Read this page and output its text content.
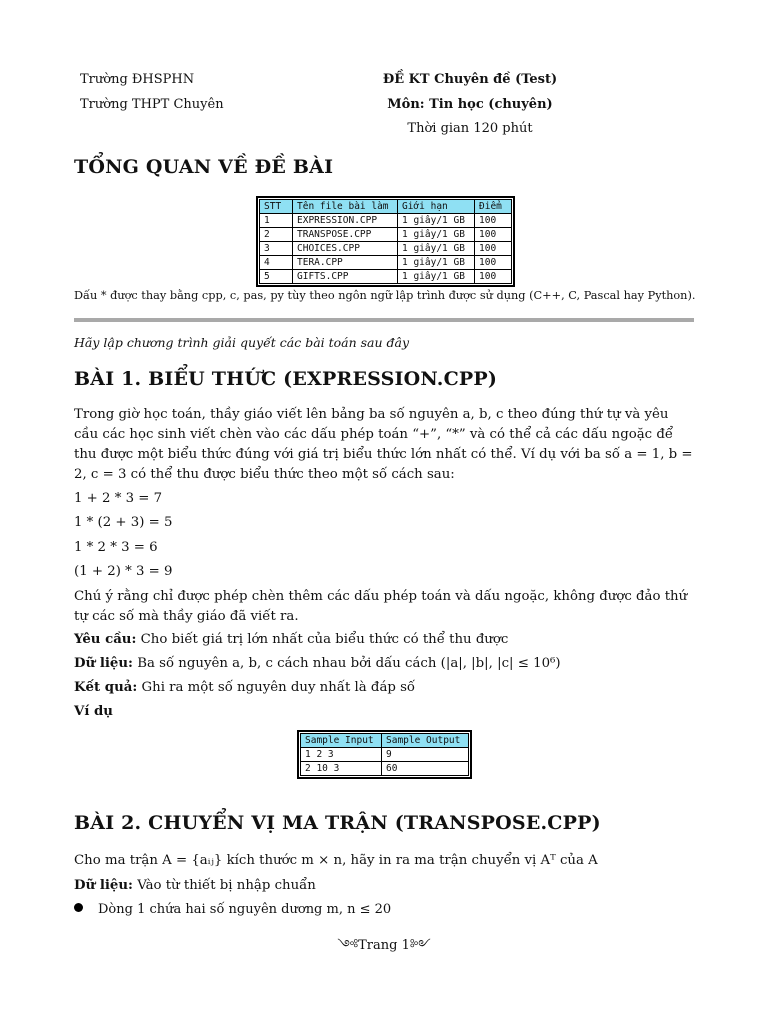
Trường ĐHSPHN
Trường THPT Chuyên
ĐỀ KT Chuyên đề (Test)
Môn: Tin học (chuyên)
Thời gian 120 phút
TỔNG QUAN VỀ ĐỀ BÀI
STT	Tên file bài làm	Giới hạn	Điểm
1	EXPRESSION.CPP	1 giây/1 GB	100
2	TRANSPOSE.CPP	1 giây/1 GB	100
3	CHOICES.CPP	1 giây/1 GB	100
4	TERA.CPP	1 giây/1 GB	100
5	GIFTS.CPP	1 giây/1 GB	100
Dấu * được thay bằng cpp, c, pas, py tùy theo ngôn ngữ lập trình được sử dụng (C++, C, Pascal hay Python).
Hãy lập chương trình giải quyết các bài toán sau đây
BÀI 1. BIỂU THỨC (EXPRESSION.CPP)
Trong giờ học toán, thầy giáo viết lên bảng ba số nguyên a, b, c theo đúng thứ tự và yêu cầu các học sinh viết chèn vào các dấu phép toán “+”, “*” và có thể cả các dấu ngoặc để thu được một biểu thức đúng với giá trị biểu thức lớn nhất có thể. Ví dụ với ba số a = 1, b = 2, c = 3 có thể thu được biểu thức theo một số cách sau:
1 + 2 * 3 = 7
1 * (2 + 3) = 5
1 * 2 * 3 = 6
(1 + 2) * 3 = 9
Chú ý rằng chỉ được phép chèn thêm các dấu phép toán và dấu ngoặc, không được đảo thứ tự các số mà thầy giáo đã viết ra.
Yêu cầu: Cho biết giá trị lớn nhất của biểu thức có thể thu được
Dữ liệu: Ba số nguyên a, b, c cách nhau bởi dấu cách (|a|, |b|, |c| ≤ 10⁶)
Kết quả: Ghi ra một số nguyên duy nhất là đáp số
Ví dụ
Sample Input	Sample Output
1 2 3	9
2 10 3	60
BÀI 2. CHUYỂN VỊ MA TRẬN (TRANSPOSE.CPP)
Cho ma trận A = {aᵢⱼ} kích thước m × n, hãy in ra ma trận chuyển vị Aᵀ của A
Dữ liệu: Vào từ thiết bị nhập chuẩn
Dòng 1 chứa hai số nguyên dương m, n ≤ 20
༺Trang 1༻
